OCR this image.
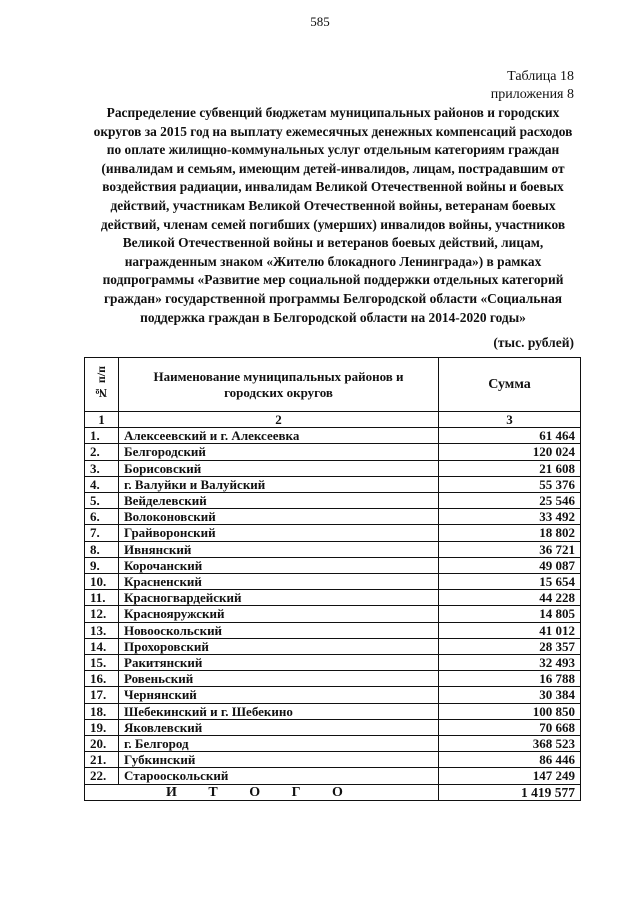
585
Таблица 18
приложения 8
Распределение субвенций бюджетам муниципальных районов и городских округов за 2015 год на выплату ежемесячных денежных компенсаций расходов по оплате жилищно-коммунальных услуг отдельным категориям граждан (инвалидам и семьям, имеющим детей-инвалидов, лицам, пострадавшим от воздействия радиации, инвалидам Великой Отечественной войны и боевых действий, участникам Великой Отечественной войны, ветеранам боевых действий, членам семей погибших (умерших) инвалидов войны, участников Великой Отечественной войны и ветеранов боевых действий, лицам, награжденным знаком «Жителю блокадного Ленинграда») в рамках подпрограммы «Развитие мер социальной поддержки отдельных категорий граждан» государственной программы Белгородской области «Социальная поддержка граждан в Белгородской области на 2014-2020 годы»
(тыс. рублей)
№ п/п	Наименование муниципальных районов и городских округов	Сумма
1	2	3
1.	Алексеевский и г. Алексеевка	61 464
2.	Белгородский	120 024
3.	Борисовский	21 608
4.	г. Валуйки и Валуйский	55 376
5.	Вейделевский	25 546
6.	Волоконовский	33 492
7.	Грайворонский	18 802
8.	Ивнянский	36 721
9.	Корочанский	49 087
10.	Красненский	15 654
11.	Красногвардейский	44 228
12.	Краснояружский	14 805
13.	Новооскольский	41 012
14.	Прохоровский	28 357
15.	Ракитянский	32 493
16.	Ровеньский	16 788
17.	Чернянский	30 384
18.	Шебекинский и г. Шебекино	100 850
19.	Яковлевский	70 668
20.	г. Белгород	368 523
21.	Губкинский	86 446
22.	Старооскольский	147 249
И Т О Г О		1 419 577
